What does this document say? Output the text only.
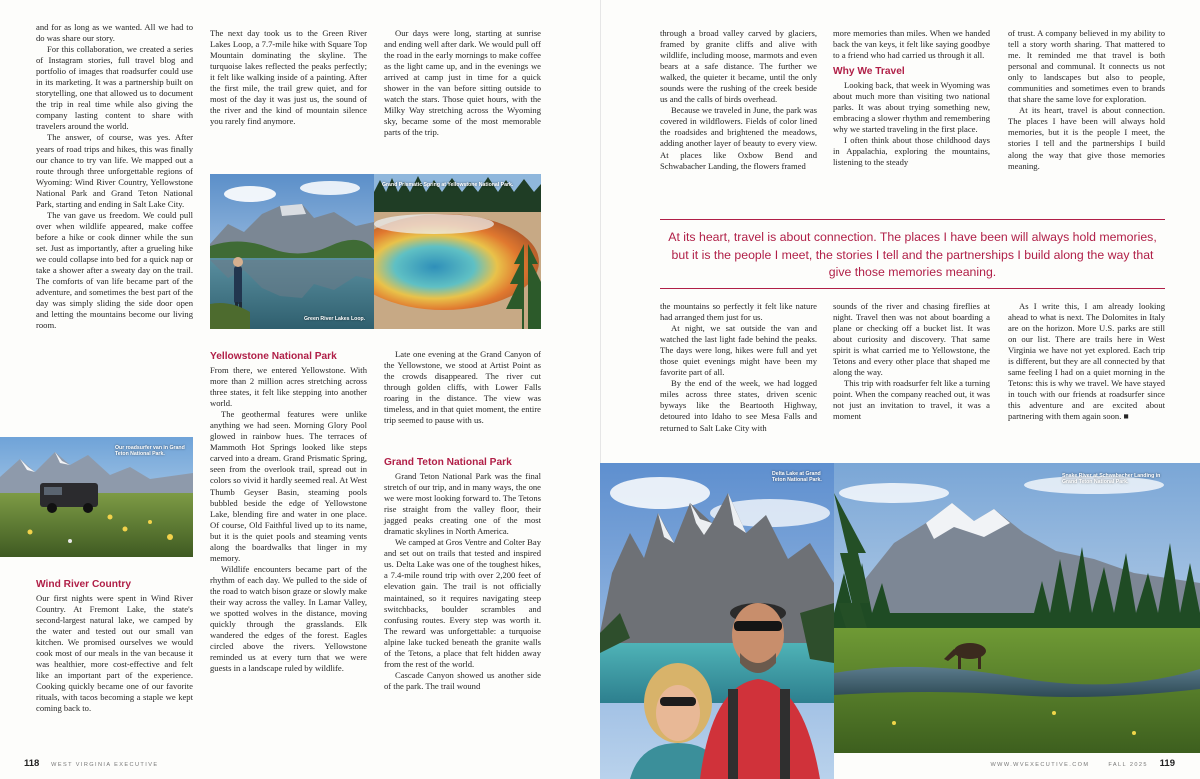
and for as long as we wanted. All we had to do was share our story.

For this collaboration, we created a series of Instagram stories, full travel blog and portfolio of images that roadsurfer could use in its marketing. It was a partnership built on storytelling, one that allowed us to document the trip in real time while also giving the company lasting content to share with travelers around the world.

The answer, of course, was yes. After years of road trips and hikes, this was finally our chance to try van life. We mapped out a route through three unforgettable regions of Wyoming: Wind River Country, Yellowstone National Park and Grand Teton National Park, starting and ending in Salt Lake City.

The van gave us freedom. We could pull over when wildlife appeared, make coffee before a hike or cook dinner while the sun set. Just as importantly, after a grueling hike we could collapse into bed for a quick nap or take a shower after a sweaty day on the trail. The comforts of van life became part of the adventure, and sometimes the best part of the day was simply sliding the side door open and letting the mountains become our living room.

Our roadsurfer van in Grand Teton National Park.
Wind River Country

Our first nights were spent in Wind River Country. At Fremont Lake, the state's second-largest natural lake, we camped by the water and tested out our small van kitchen. We promised ourselves we would cook most of our meals in the van because it was healthier, more cost-effective and felt like an important part of the experience. Cooking quickly became one of our favorite rituals, with tacos becoming a staple we kept coming back to.

The next day took us to the Green River Lakes Loop, a 7.7-mile hike with Square Top Mountain dominating the skyline. The turquoise lakes reflected the peaks perfectly; it felt like walking inside of a painting. After the first mile, the trail grew quiet, and for most of the day it was just us, the sound of the river and the kind of mountain silence you rarely find anymore.

Green River Lakes Loop.
Yellowstone National Park

From there, we entered Yellowstone. With more than 2 million acres stretching across three states, it felt like stepping into another world.

The geothermal features were unlike anything we had seen. Morning Glory Pool glowed in rainbow hues. The terraces of Mammoth Hot Springs looked like steps carved into a dream. Grand Prismatic Spring, seen from the overlook trail, spread out in colors so vivid it hardly seemed real. At West Thumb Geyser Basin, steaming pools bubbled beside the edge of Yellowstone Lake, blending fire and water in one place. Of course, Old Faithful lived up to its name, but it is the quiet pools and steaming vents along the boardwalks that linger in my memory.

Wildlife encounters became part of the rhythm of each day. We pulled to the side of the road to watch bison graze or slowly make their way across the valley. In Lamar Valley, we spotted wolves in the distance, moving quickly through the grasslands. Elk wandered the edges of the forest. Eagles circled above the rivers. Yellowstone reminded us at every turn that we were guests in a landscape ruled by wildlife.

Our days were long, starting at sunrise and ending well after dark. We would pull off the road in the early mornings to make coffee as the light came up, and in the evenings we arrived at camp just in time for a quick shower in the van before sitting outside to watch the stars. Those quiet hours, with the Milky Way stretching across the Wyoming sky, became some of the most memorable parts of the trip.

Grand Prismatic Spring at Yellowstone National Park.

Late one evening at the Grand Canyon of the Yellowstone, we stood at Artist Point as the crowds disappeared. The river cut through golden cliffs, with Lower Falls roaring in the distance. The view was timeless, and in that quiet moment, the entire trip seemed to pause with us.

Grand Teton National Park

Grand Teton National Park was the final stretch of our trip, and in many ways, the one we were most looking forward to. The Tetons rise straight from the valley floor, their jagged peaks creating one of the most dramatic skylines in North America.

We camped at Gros Ventre and Colter Bay and set out on trails that tested and inspired us. Delta Lake was one of the toughest hikes, a 7.4-mile round trip with over 2,200 feet of elevation gain. The trail is not officially maintained, so it requires navigating steep switchbacks, boulder scrambles and confusing routes. Every step was worth it. The reward was unforgettable: a turquoise alpine lake tucked beneath the granite walls of the Tetons, a place that felt hidden away from the rest of the world.

Cascade Canyon showed us another side of the park. The trail wound

118 WEST VIRGINIA EXECUTIVE

through a broad valley carved by glaciers, framed by granite cliffs and alive with wildlife, including moose, marmots and even bears at a safe distance. The further we walked, the quieter it became, until the only sounds were the rushing of the creek beside us and the calls of birds overhead.

Because we traveled in June, the park was covered in wildflowers. Fields of color lined the roadsides and brightened the meadows, adding another layer of beauty to every view. At places like Oxbow Bend and Schwabacher Landing, the flowers framed

more memories than miles. When we handed back the van keys, it felt like saying goodbye to a friend who had carried us through it all.

Why We Travel

Looking back, that week in Wyoming was about much more than visiting two national parks. It was about trying something new, embracing a slower rhythm and remembering why we started traveling in the first place.

I often think about those childhood days in Appalachia, exploring the mountains, listening to the steady

of trust. A company believed in my ability to tell a story worth sharing. That mattered to me. It reminded me that travel is both personal and communal. It connects us not only to landscapes but also to people, communities and sometimes even to brands that share the same love for exploration.

At its heart, travel is about connection. The places I have been will always hold memories, but it is the people I meet, the stories I tell and the partnerships I build along the way that give those memories meaning.

At its heart, travel is about connection. The places I have been will always hold memories, but it is the people I meet, the stories I tell and the partnerships I build along the way that give those memories meaning.

the mountains so perfectly it felt like nature had arranged them just for us.

At night, we sat outside the van and watched the last light fade behind the peaks. The days were long, hikes were full and yet those quiet evenings might have been my favorite part of all.

By the end of the week, we had logged miles across three states, driven scenic byways like the Beartooth Highway, detoured into Idaho to see Mesa Falls and returned to Salt Lake City with

sounds of the river and chasing fireflies at night. Travel then was not about boarding a plane or checking off a bucket list. It was about curiosity and discovery. That same spirit is what carried me to Yellowstone, the Tetons and every other place that shaped me along the way.

This trip with roadsurfer felt like a turning point. When the company reached out, it was not just an invitation to travel, it was a moment

As I write this, I am already looking ahead to what is next. The Dolomites in Italy are on the horizon. More U.S. parks are still on our list. There are trails here in West Virginia we have not yet explored. Each trip is different, but they are all connected by that same feeling I had on a quiet morning in the Tetons: this is why we travel. We have stayed in touch with our friends at roadsurfer since this adventure and are excited about partnering with them again soon. ■

Delta Lake at Grand Teton National Park.
Snake River at Schwabacher Landing in Grand Teton National Park.
WWW.WVEXECUTIVE.COM	FALL 2025 119
